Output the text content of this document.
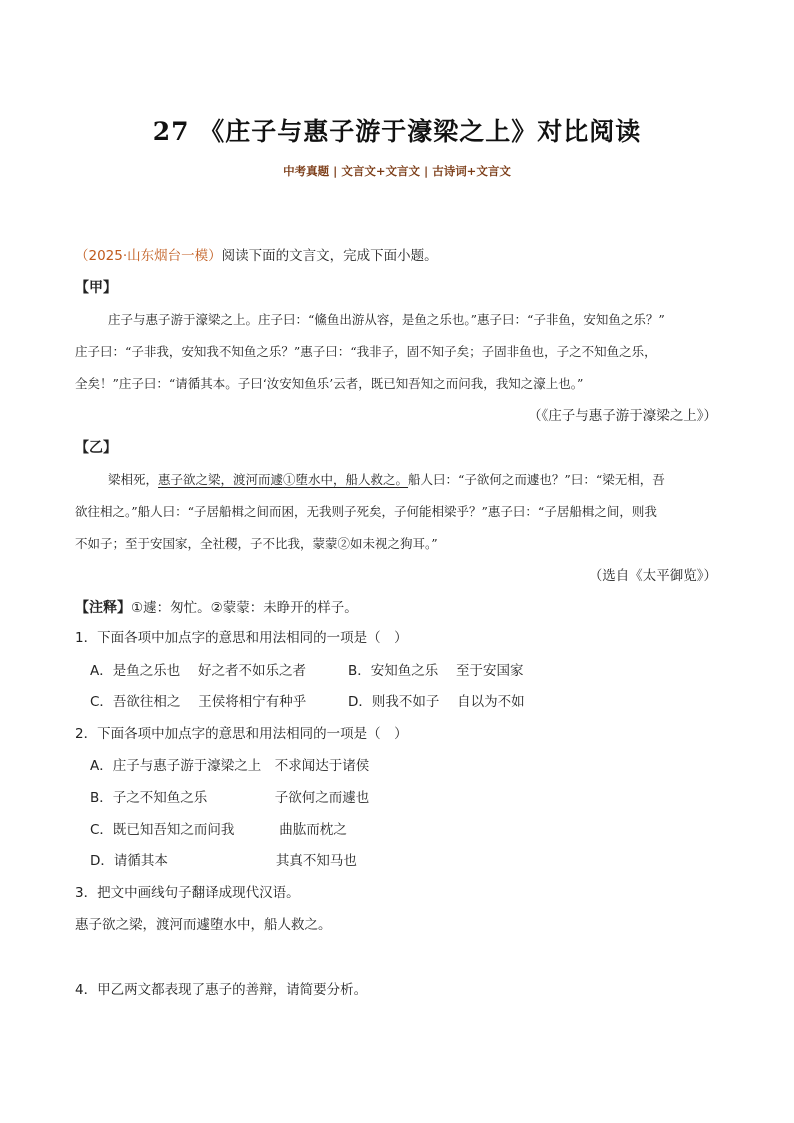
27 《庄子与惠子游于濠梁之上》对比阅读
中考真题 | 文言文+文言文 | 古诗词+文言文
（2025·山东烟台一模）阅读下面的文言文，完成下面小题。
【甲】
庄子与惠子游于濠梁之上。庄子曰：“鯈鱼出游从容，是鱼之乐也。”惠子曰：“子非鱼，安知鱼之乐？”
庄子曰：“子非我，安知我不知鱼之乐？”惠子曰：“我非子，固不知子矣；子固非鱼也，子之不知鱼之乐，
全矣！”庄子曰：“请循其本。子曰‘汝安知鱼乐’云者，既已知吾知之而问我，我知之濠上也。”
（《庄子与惠子游于濠梁之上》）
【乙】
梁相死，惠子欲之梁，渡河而遽①堕水中，船人救之。船人曰：“子欲何之而遽也？”曰：“梁无相，吾
欲往相之。”船人曰：“子居船楫之间而困，无我则子死矣，子何能相梁乎？”惠子曰：“子居船楫之间，则我
不如子；至于安国家，全社稷，子不比我，蒙蒙②如未视之狗耳。”
（选自《太平御览》）
【注释】①遽：匆忙。②蒙蒙：未睁开的样子。
1．下面各项中加点字的意思和用法相同的一项是（　）
A．是鱼之乐也　 好之者不如乐之者	B．安知鱼之乐　 至于安国家
C．吾欲往相之　 王侯将相宁有种乎	D．则我不如子　 自以为不如
2．下面各项中加点字的意思和用法相同的一项是（　）
A．庄子与惠子游于濠梁之上　不求闻达于诸侯
B．子之不知鱼之乐　　　　　子欲何之而遽也
C．既已知吾知之而问我　　　 曲肱而枕之
D．请循其本　　　　　　　　其真不知马也
3．把文中画线句子翻译成现代汉语。
惠子欲之梁，渡河而遽堕水中，船人救之。
4．甲乙两文都表现了惠子的善辩，请简要分析。
